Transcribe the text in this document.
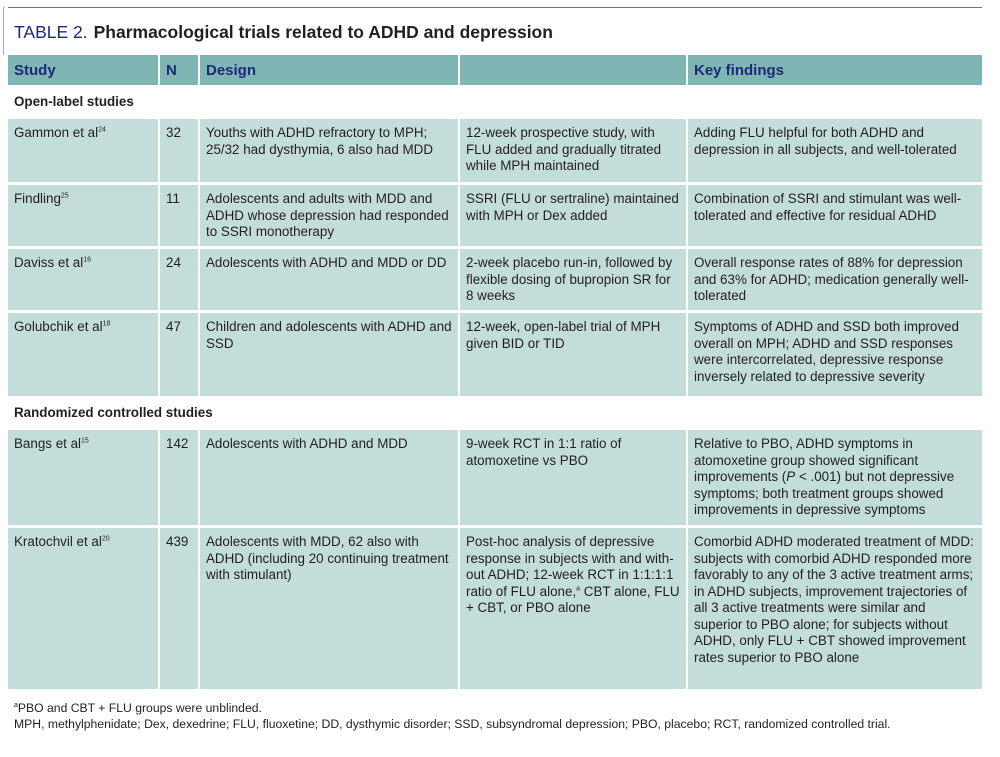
TABLE 2. Pharmacological trials related to ADHD and depression
Study	N	Design		Key findings
Open-label studies				
Gammon et $al^{24}$	32	Youths with ADHD refractory to MPH; 25/32 had dysthymia, 6 also had MDD	12-week prospective study, with FLU added and gradually titrated while MPH maintained	Adding FLU helpful for both ADHD and depression in all subjects, and well-tolerated
Findling$^{25}$	11	Adolescents and adults with MDD and ADHD whose depression had responded to SSRI monotherapy	SSRI (FLU or sertraline) maintained with MPH or Dex added	Combination of SSRI and stimulant was well-tolerated and effective for residual ADHD
Daviss et $al^{16}$	24	Adolescents with ADHD and MDD or DD	2-week placebo run-in, followed by flexible dosing of bupropion SR for 8 weeks	Overall response rates of 88% for depression and 63% for ADHD; medication generally well-tolerated
Golubchik et $al^{18}$	47	Children and adolescents with ADHD and SSD	12-week, open-label trial of MPH given BID or TID	Symptoms of ADHD and SSD both improved overall on MPH; ADHD and SSD responses were intercorrelated, depressive response inversely related to depressive severity
Randomized controlled studies				
Bangs et $al^{15}$	142	Adolescents with ADHD and MDD	9-week RCT in 1:1 ratio of atomoxetine vs PBO	Relative to PBO, ADHD symptoms in atomoxetine group showed significant improvements (P < .001) but not depressive symptoms; both treatment groups showed improvements in depressive symptoms
Kratochvil et $al^{20}$	439	Adolescents with MDD, 62 also with ADHD (including 20 continuing treatment with stimulant)	Post-hoc analysis of depressive response in subjects with and with-out ADHD; 12-week RCT in 1:1:1:1 ratio of FLU alone,$^a$ CBT alone, FLU + CBT, or PBO alone	Comorbid ADHD moderated treatment of MDD: subjects with comorbid ADHD responded more favorably to any of the 3 active treatment arms; in ADHD subjects, improvement trajectories of all 3 active treatments were similar and superior to PBO alone; for subjects without ADHD, only FLU + CBT showed improvement rates superior to PBO alone
$^a$PBO and CBT + FLU groups were unblinded.
MPH, methylphenidate; Dex, dexedrine; FLU, fluoxetine; DD, dysthymic disorder; SSD, subsyndromal depression; PBO, placebo; RCT, randomized controlled trial.
